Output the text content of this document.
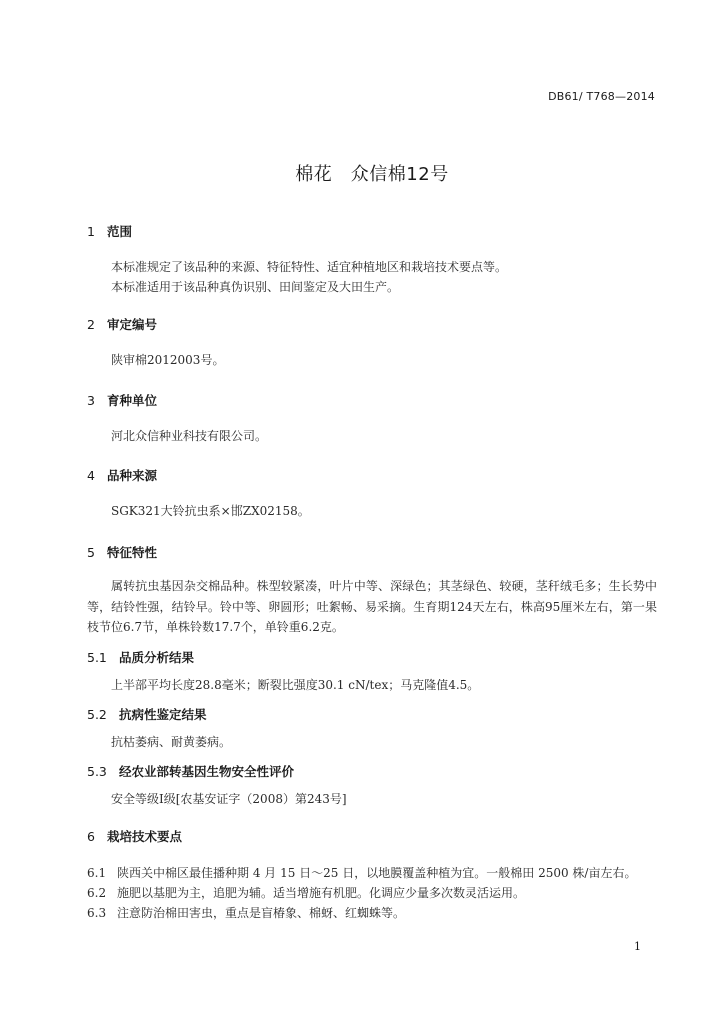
DB61/ T768—2014
棉花　众信棉12号
1 范围
本标准规定了该品种的来源、特征特性、适宜种植地区和栽培技术要点等。
本标准适用于该品种真伪识别、田间鉴定及大田生产。
2 审定编号
陕审棉2012003号。
3 育种单位
河北众信种业科技有限公司。
4 品种来源
SGK321大铃抗虫系×邯ZX02158。
5 特征特性
属转抗虫基因杂交棉品种。株型较紧凑，叶片中等、深绿色；其茎绿色、较硬，茎秆绒毛多；生长势中等，结铃性强，结铃早。铃中等、卵圆形；吐絮畅、易采摘。生育期124天左右，株高95厘米左右，第一果枝节位6.7节，单株铃数17.7个，单铃重6.2克。
5.1 品质分析结果
上半部平均长度28.8毫米；断裂比强度30.1 cN/tex；马克隆值4.5。
5.2 抗病性鉴定结果
抗枯萎病、耐黄萎病。
5.3 经农业部转基因生物安全性评价
安全等级Ⅰ级[农基安证字（2008）第243号]
6 栽培技术要点
6.1 陕西关中棉区最佳播种期 4 月 15 日～25 日，以地膜覆盖种植为宜。一般棉田 2500 株/亩左右。
6.2 施肥以基肥为主，追肥为辅。适当增施有机肥。化调应少量多次数灵活运用。
6.3 注意防治棉田害虫，重点是盲椿象、棉蚜、红蜘蛛等。
1
